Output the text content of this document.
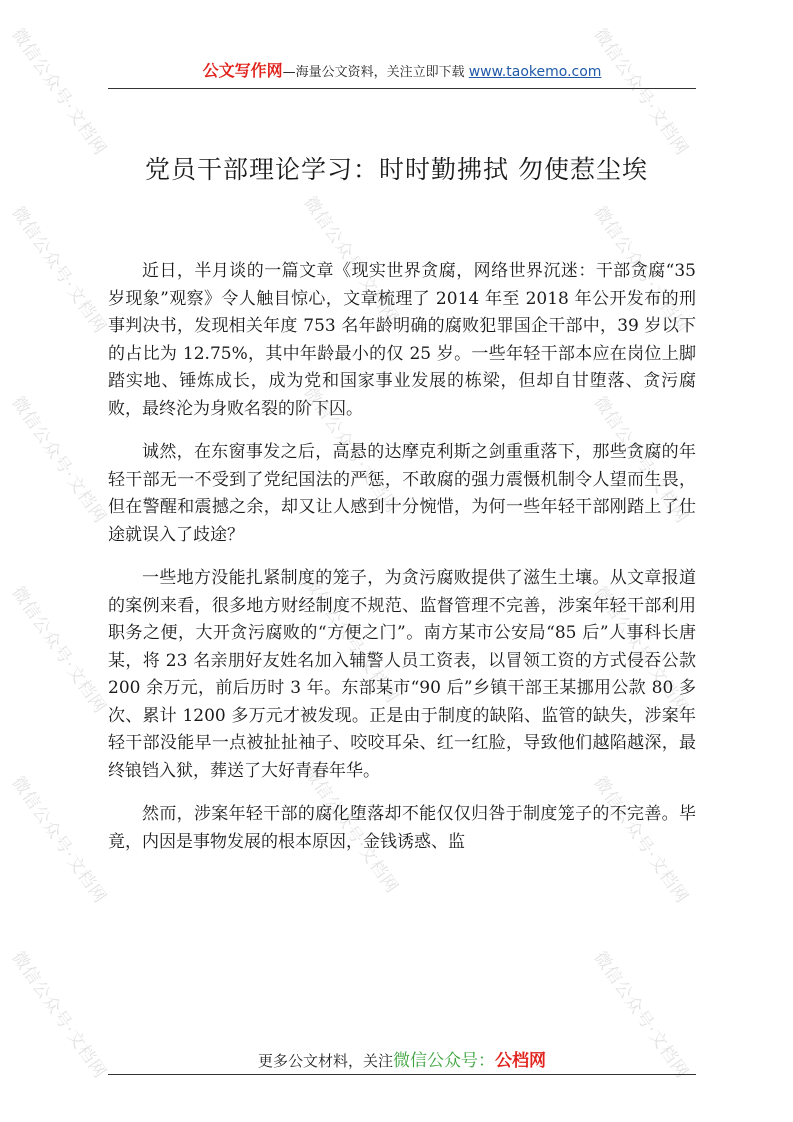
微信公众号·文档网	微信公众号·文档网
微信公众号·文档网	微信公众号·文档网	微信公众号·文档网
微信公众号·文档网	微信公众号·文档网	微信公众号·文档网
微信公众号·文档网	微信公众号·文档网	微信公众号·文档网
微信公众号·文档网	微信公众号·文档网	微信公众号·文档网
微信公众号·文档网	微信公众号·文档网
公文写作网—海量公文资料，关注立即下载 www.taokemo.com
党员干部理论学习：时时勤拂拭 勿使惹尘埃

近日，半月谈的一篇文章《现实世界贪腐，网络世界沉迷：干部贪腐“35 岁现象”观察》令人触目惊心，文章梳理了 2014 年至 2018 年公开发布的刑事判决书，发现相关年度 753 名年龄明确的腐败犯罪国企干部中，39 岁以下的占比为 12.75%，其中年龄最小的仅 25 岁。一些年轻干部本应在岗位上脚踏实地、锤炼成长，成为党和国家事业发展的栋梁，但却自甘堕落、贪污腐败，最终沦为身败名裂的阶下囚。

诚然，在东窗事发之后，高悬的达摩克利斯之剑重重落下，那些贪腐的年轻干部无一不受到了党纪国法的严惩，不敢腐的强力震慑机制令人望而生畏，但在警醒和震撼之余，却又让人感到十分惋惜，为何一些年轻干部刚踏上了仕途就误入了歧途？

一些地方没能扎紧制度的笼子，为贪污腐败提供了滋生土壤。从文章报道的案例来看，很多地方财经制度不规范、监督管理不完善，涉案年轻干部利用职务之便，大开贪污腐败的“方便之门”。南方某市公安局“85 后”人事科长唐某，将 23 名亲朋好友姓名加入辅警人员工资表，以冒领工资的方式侵吞公款 200 余万元，前后历时 3 年。东部某市“90 后”乡镇干部王某挪用公款 80 多次、累计 1200 多万元才被发现。正是由于制度的缺陷、监管的缺失，涉案年轻干部没能早一点被扯扯袖子、咬咬耳朵、红一红脸，导致他们越陷越深，最终锒铛入狱，葬送了大好青春年华。

然而，涉案年轻干部的腐化堕落却不能仅仅归咎于制度笼子的不完善。毕竟，内因是事物发展的根本原因，金钱诱惑、监

更多公文材料，关注微信公众号：公档网
